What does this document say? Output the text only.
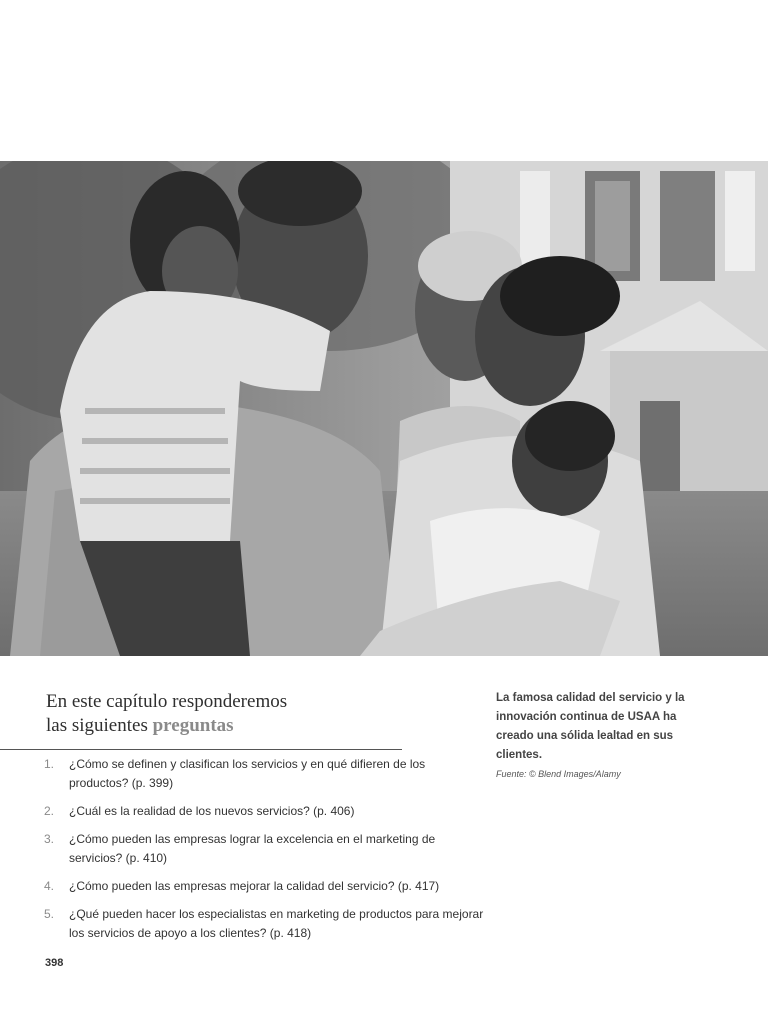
En este capítulo responderemos
las siguientes preguntas
1.	¿Cómo se definen y clasifican los servicios y en qué difieren de los productos? (p. 399)
2.	¿Cuál es la realidad de los nuevos servicios? (p. 406)
3.	¿Cómo pueden las empresas lograr la excelencia en el marketing de servicios? (p. 410)
4.	¿Cómo pueden las empresas mejorar la calidad del servicio? (p. 417)
5.	¿Qué pueden hacer los especialistas en marketing de productos para mejorar los servicios de apoyo a los clientes? (p. 418)
La famosa calidad del servicio y la innovación continua de USAA ha creado una sólida lealtad en sus clientes.
Fuente: © Blend Images/Alamy
398
